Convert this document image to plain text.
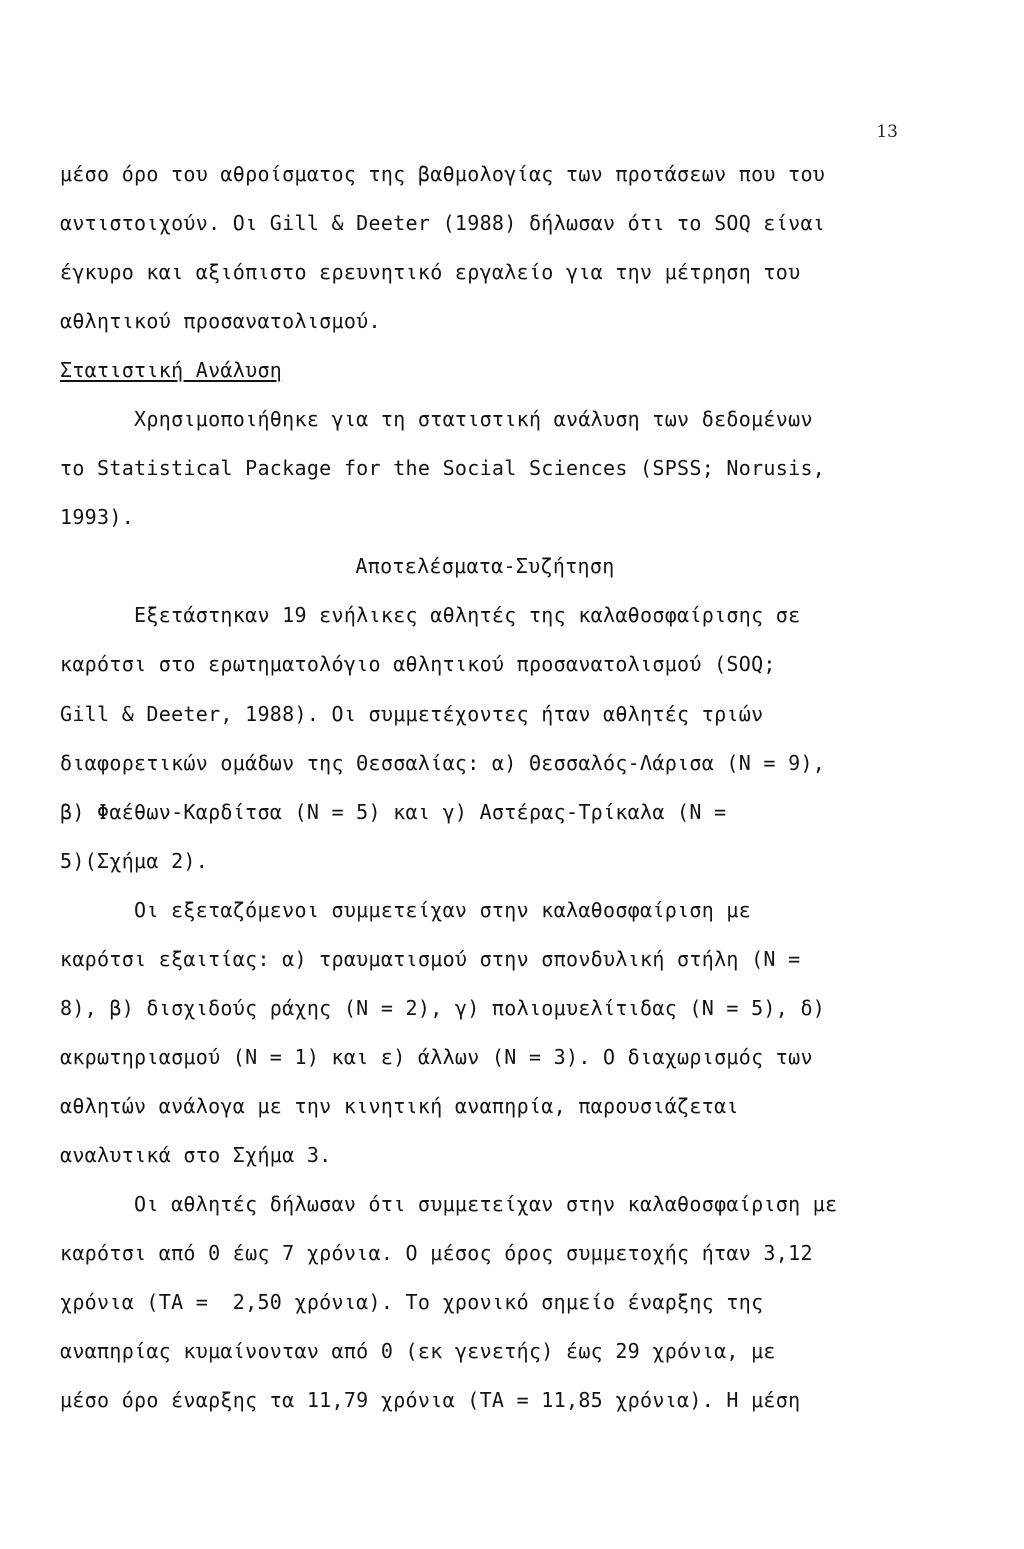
13
μέσο όρο του αθροίσματος της βαθμολογίας των προτάσεων που του
αντιστοιχούν. Οι Gill & Deeter (1988) δήλωσαν ότι το SOQ είναι
έγκυρο και αξιόπιστο ερευνητικό εργαλείο για την μέτρηση του
αθλητικού προσανατολισμού.
Στατιστική Ανάλυση
Χρησιμοποιήθηκε για τη στατιστική ανάλυση των δεδομένων
το Statistical Package for the Social Sciences (SPSS; Norusis,
1993).
Αποτελέσματα-Συζήτηση
Εξετάστηκαν 19 ενήλικες αθλητές της καλαθοσφαίρισης σε
καρότσι στο ερωτηματολόγιο αθλητικού προσανατολισμού (SOQ;
Gill & Deeter, 1988). Οι συμμετέχοντες ήταν αθλητές τριών
διαφορετικών ομάδων της Θεσσαλίας: α) Θεσσαλός-Λάρισα (Ν = 9),
β) Φαέθων-Καρδίτσα (Ν = 5) και γ) Αστέρας-Τρίκαλα (Ν =
5)(Σχήμα 2).
Οι εξεταζόμενοι συμμετείχαν στην καλαθοσφαίριση με
καρότσι εξαιτίας: α) τραυματισμού στην σπονδυλική στήλη (Ν =
8), β) δισχιδούς ράχης (Ν = 2), γ) πολιομυελίτιδας (Ν = 5), δ)
ακρωτηριασμού (Ν = 1) και ε) άλλων (Ν = 3). Ο διαχωρισμός των
αθλητών ανάλογα με την κινητική αναπηρία, παρουσιάζεται
αναλυτικά στο Σχήμα 3.
Οι αθλητές δήλωσαν ότι συμμετείχαν στην καλαθοσφαίριση με
καρότσι από 0 έως 7 χρόνια. Ο μέσος όρος συμμετοχής ήταν 3,12
χρόνια (ΤΑ =  2,50 χρόνια). Το χρονικό σημείο έναρξης της
αναπηρίας κυμαίνονταν από 0 (εκ γενετής) έως 29 χρόνια, με
μέσο όρο έναρξης τα 11,79 χρόνια (ΤΑ = 11,85 χρόνια). Η μέση
